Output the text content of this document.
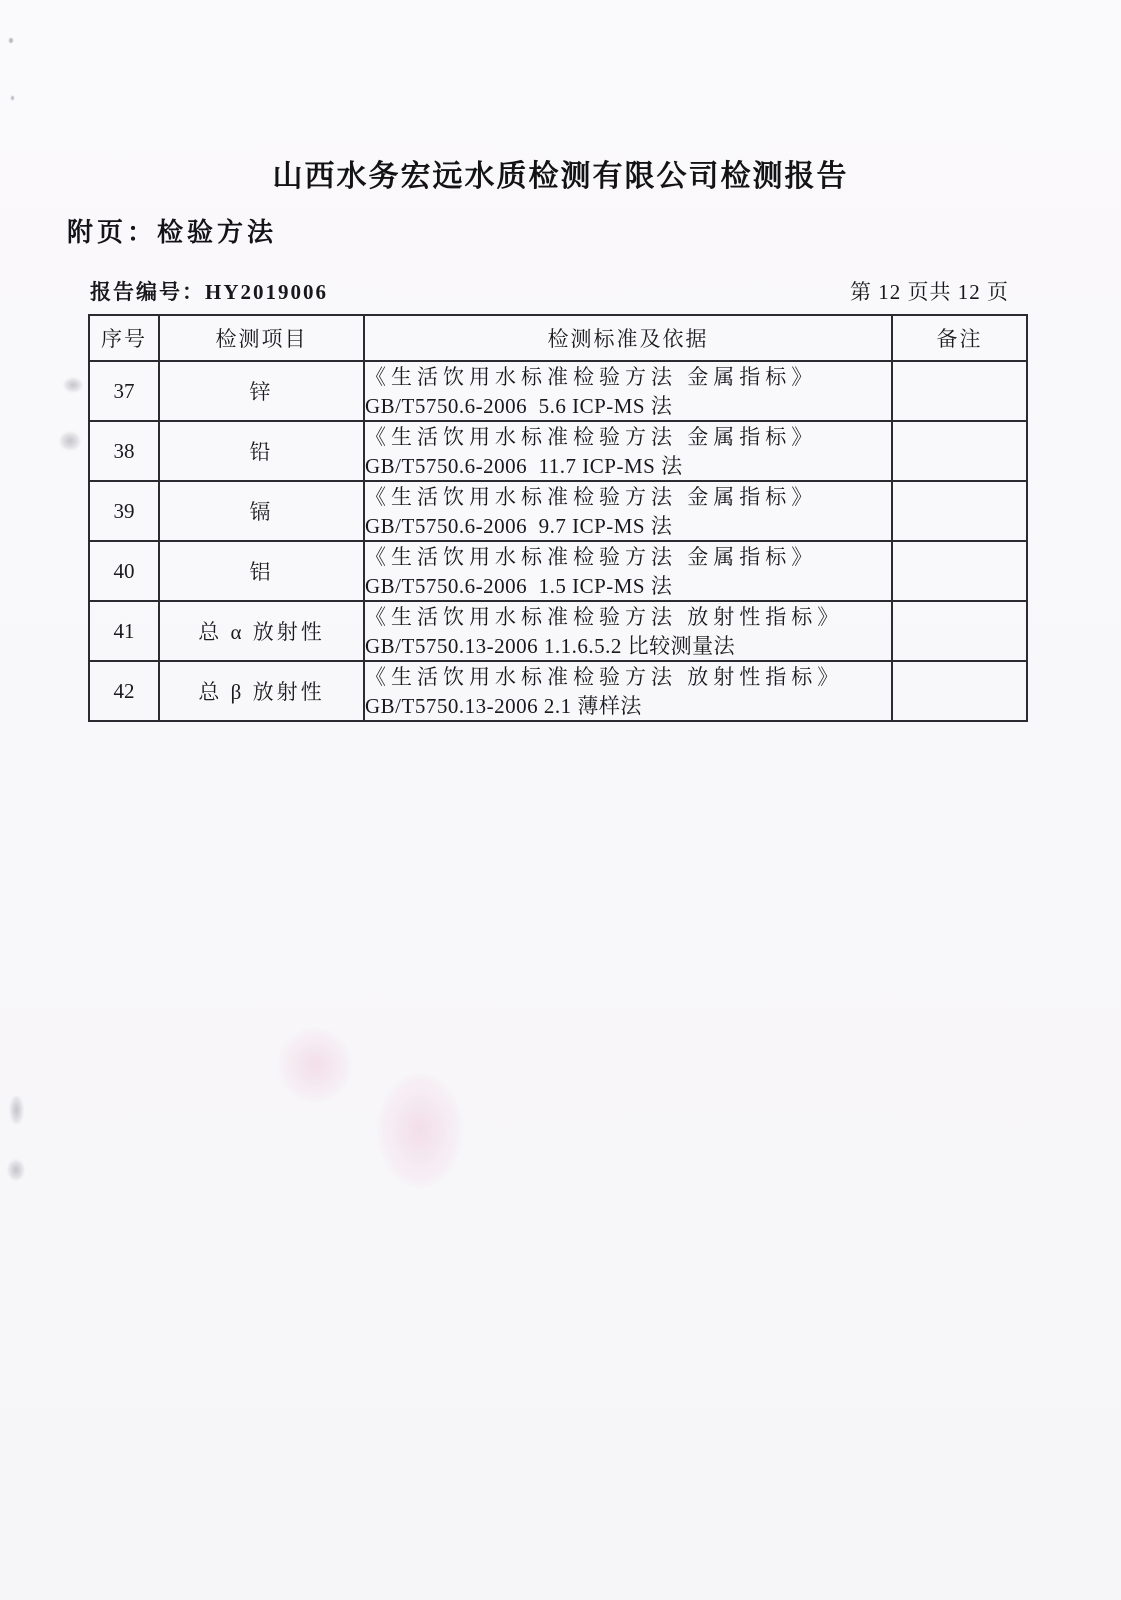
山西水务宏远水质检测有限公司检测报告
附页：检验方法
报告编号：HY2019006	第 12 页共 12 页
序号	检测项目	检测标准及依据	备注
37	锌	《生活饮用水标准检验方法 金属指标》
GB/T5750.6-2006  5.6 ICP-MS 法	

38	铅	《生活饮用水标准检验方法 金属指标》
GB/T5750.6-2006  11.7 ICP-MS 法	

39	镉	《生活饮用水标准检验方法 金属指标》
GB/T5750.6-2006  9.7 ICP-MS 法	

40	铝	《生活饮用水标准检验方法 金属指标》
GB/T5750.6-2006  1.5 ICP-MS 法	

41	总 α 放射性	《生活饮用水标准检验方法 放射性指标》
GB/T5750.13-2006 1.1.6.5.2 比较测量法	

42	总 β 放射性	《生活饮用水标准检验方法 放射性指标》
GB/T5750.13-2006 2.1 薄样法	
